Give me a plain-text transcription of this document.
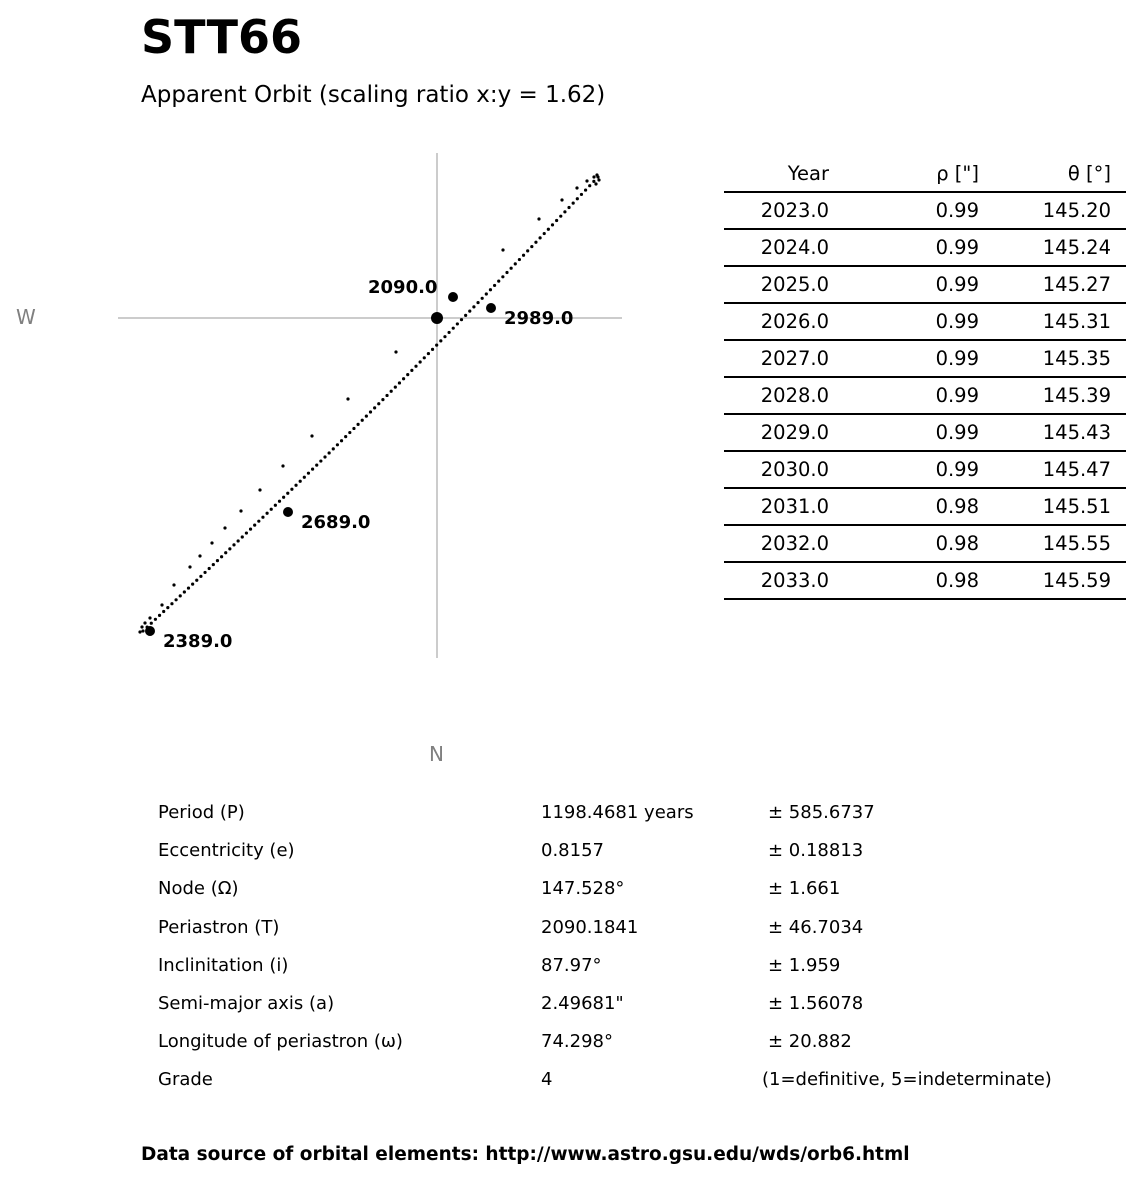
STT66
Apparent Orbit (scaling ratio x:y = 1.62)
W
N
2090.0
2989.0
2689.0
2389.0
Year	ρ ["]	θ [°]
2023.0	0.99	145.20
2024.0	0.99	145.24
2025.0	0.99	145.27
2026.0	0.99	145.31
2027.0	0.99	145.35
2028.0	0.99	145.39
2029.0	0.99	145.43
2030.0	0.99	145.47
2031.0	0.98	145.51
2032.0	0.98	145.55
2033.0	0.98	145.59
Period (P)	1198.4681 years	± 585.6737
Eccentricity (e)	0.8157	± 0.18813
Node (Ω)	147.528°	± 1.661
Periastron (T)	2090.1841	± 46.7034
Inclinitation (i)	87.97°	± 1.959
Semi-major axis (a)	2.49681"	± 1.56078
Longitude of periastron (ω)	74.298°	± 20.882
Grade	4	(1=definitive, 5=indeterminate)
Data source of orbital elements: http://www.astro.gsu.edu/wds/orb6.html
